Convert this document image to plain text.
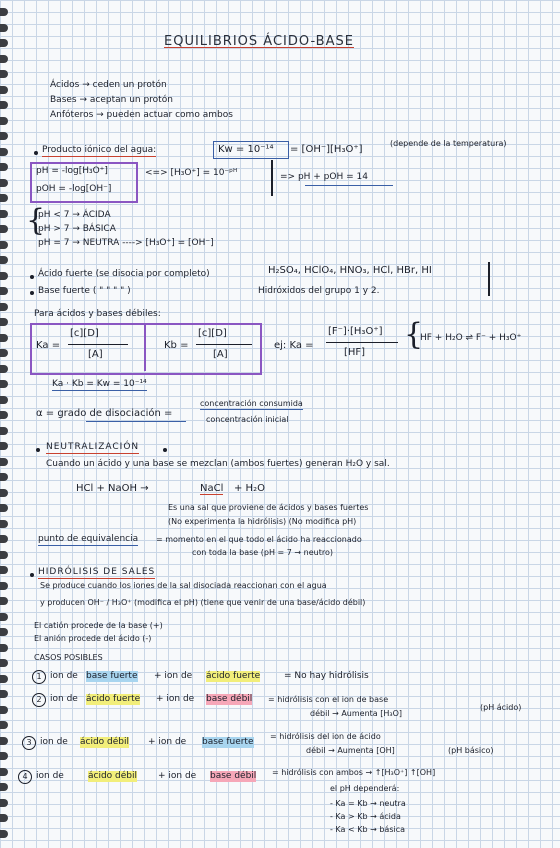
EQUILIBRIOS ÁCIDO-BASE
Ácidos → ceden un protón
Bases → aceptan un protón
Anfóteros → pueden actuar como ambos
Producto iónico del agua:	Kw = 10⁻¹⁴ = [OH⁻][H₃O⁺]
(depende de la temperatura)
pH = -log[H₃O⁺]
pOH = -log[OH⁻]
<=> [H₃O⁺] = 10⁻ᵖᴴ	=> pH + pOH = 14
{
pH < 7 → ÁCIDA
pH > 7 → BÁSICA
pH = 7 → NEUTRA ----> [H₃O⁺] = [OH⁻]
Ácido fuerte (se disocia por completo)	H₂SO₄, HClO₄, HNO₃, HCl, HBr, HI
Base fuerte ( " " " " )	Hidróxidos del grupo 1 y 2.
Para ácidos y bases débiles:
Ka =
[c][D]
[A]
Kb =
[c][D]
[A]
ej: Ka =
[F⁻]·[H₃O⁺]
[HF]
{
HF + H₂O ⇌ F⁻ + H₃O⁺
Ka · Kb = Kw = 10⁻¹⁴
α = grado de disociación =
concentración consumida
concentración inicial
NEUTRALIZACIÓN
Cuando un ácido y una base se mezclan (ambos fuertes) generan H₂O y sal.
HCl + NaOH →	NaCl + H₂O
Es una sal que proviene de ácidos y bases fuertes
(No experimenta la hidrólisis) (No modifica pH)
punto de equivalencia = momento en el que todo el ácido ha reaccionado
con toda la base (pH = 7 → neutro)
HIDRÓLISIS DE SALES
Se produce cuando los iones de la sal disociada reaccionan con el agua
y producen OH⁻ / H₃O⁺ (modifica el pH) (tiene que venir de una base/ácido débil)
El catión procede de la base (+)
El anión procede del ácido (-)
CASOS POSIBLES
1 ion de base fuerte + ion de ácido fuerte	= No hay hidrólisis
2 ion de ácido fuerte + ion de base débil = hidrólisis con el ion de base
débil → Aumenta [H₃O]
(pH ácido)
3 ion de ácido débil + ion de base fuerte
= hidrólisis del ion de ácido
débil → Aumenta [OH]	(pH básico)
4 ion de	ácido débil + ion de base débil = hidrólisis con ambos → ↑[H₃O⁺] ↑[OH]
el pH dependerá:
- Ka = Kb → neutra
- Ka > Kb → ácida
- Ka < Kb → básica
